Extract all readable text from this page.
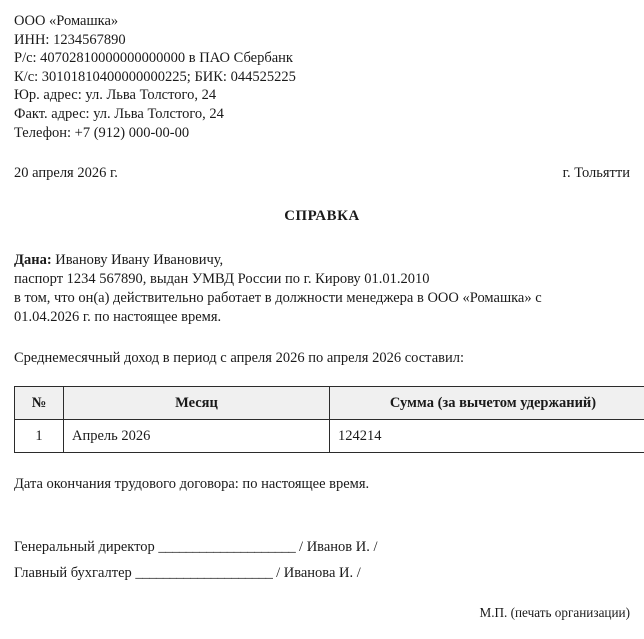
ООО «Ромашка»
ИНН: 1234567890
Р/с: 40702810000000000000 в ПАО Сбербанк
К/с: 30101810400000000225; БИК: 044525225
Юр. адрес: ул. Льва Толстого, 24
Факт. адрес: ул. Льва Толстого, 24
Телефон: +7 (912) 000-00-00
20 апреля 2026 г.	г. Тольятти
СПРАВКА

Дана: Иванову Ивану Ивановичу,

паспорт 1234 567890, выдан УМВД России по г. Кирову 01.01.2010

в том, что он(а) действительно работает в должности менеджера в ООО «Ромашка» с

01.04.2026 г. по настоящее время.

Среднемесячный доход в период с апреля 2026 по апреля 2026 составил:
№	Месяц	Сумма (за вычетом удержаний)
1	Апрель 2026	124214
Дата окончания трудового договора: по настоящее время.
Генеральный директор ____________________ / Иванов И. /
Главный бухгалтер ____________________ / Иванова И. /
М.П. (печать организации)
